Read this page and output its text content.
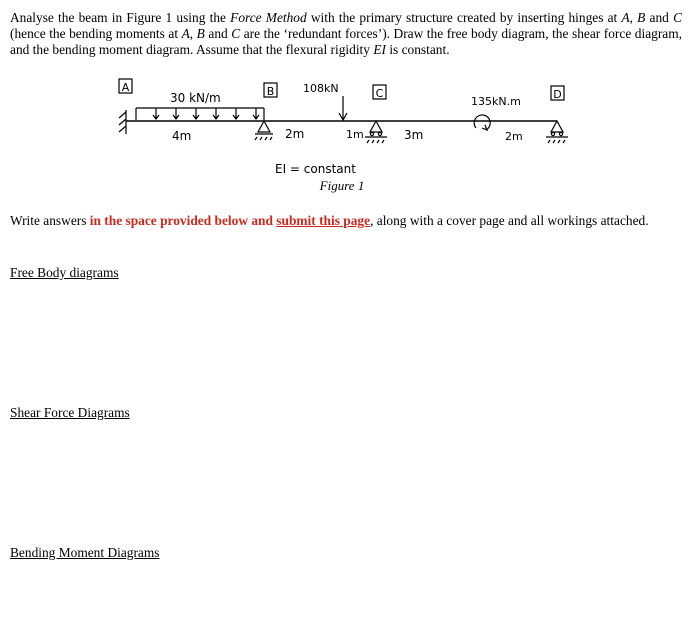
Analyse the beam in Figure 1 using the Force Method with the primary structure created by inserting hinges at A, B and C (hence the bending moments at A, B and C are the ‘redundant forces’). Draw the free body diagram, the shear force diagram, and the bending moment diagram. Assume that the flexural rigidity EI is constant.
A	B	C	D
30 kN/m
108kN
135kN.m
4m	2m	1m	3m	2m
EI = constant
Figure 1
Write answers in the space provided below and submit this page, along with a cover page and all workings attached.
Free Body diagrams
Shear Force Diagrams
Bending Moment Diagrams
